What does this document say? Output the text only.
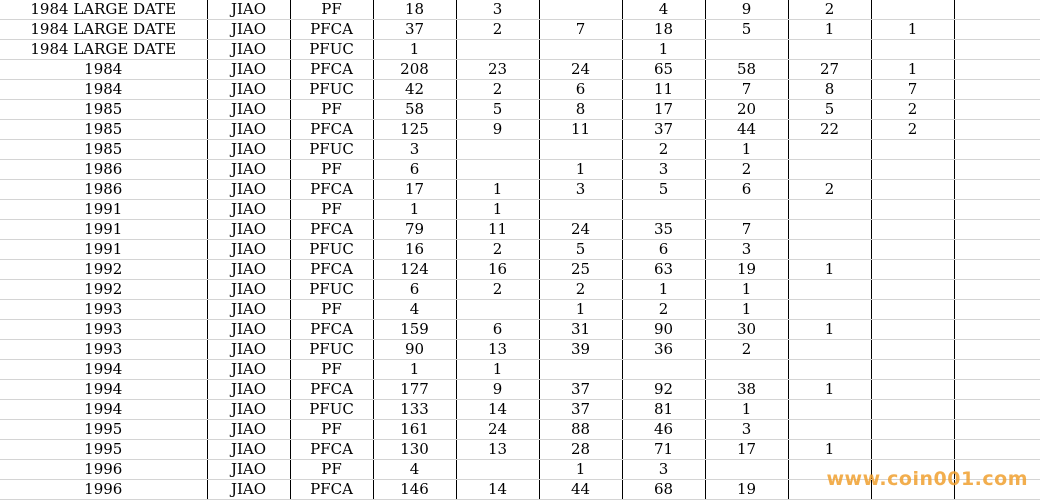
1984 LARGE DATE	JIAO	PF	18	3		4	9	2		
1984 LARGE DATE	JIAO	PFCA	37	2	7	18	5	1	1	
1984 LARGE DATE	JIAO	PFUC	1			1				
1984	JIAO	PFCA	208	23	24	65	58	27	1	
1984	JIAO	PFUC	42	2	6	11	7	8	7	
1985	JIAO	PF	58	5	8	17	20	5	2	
1985	JIAO	PFCA	125	9	11	37	44	22	2	
1985	JIAO	PFUC	3			2	1			
1986	JIAO	PF	6		1	3	2			
1986	JIAO	PFCA	17	1	3	5	6	2		
1991	JIAO	PF	1	1						
1991	JIAO	PFCA	79	11	24	35	7			
1991	JIAO	PFUC	16	2	5	6	3			
1992	JIAO	PFCA	124	16	25	63	19	1		
1992	JIAO	PFUC	6	2	2	1	1			
1993	JIAO	PF	4		1	2	1			
1993	JIAO	PFCA	159	6	31	90	30	1		
1993	JIAO	PFUC	90	13	39	36	2			
1994	JIAO	PF	1	1						
1994	JIAO	PFCA	177	9	37	92	38	1		
1994	JIAO	PFUC	133	14	37	81	1			
1995	JIAO	PF	161	24	88	46	3			
1995	JIAO	PFCA	130	13	28	71	17	1		
1996	JIAO	PF	4		1	3				
1996	JIAO	PFCA	146	14	44	68	19				www.coin001.com
